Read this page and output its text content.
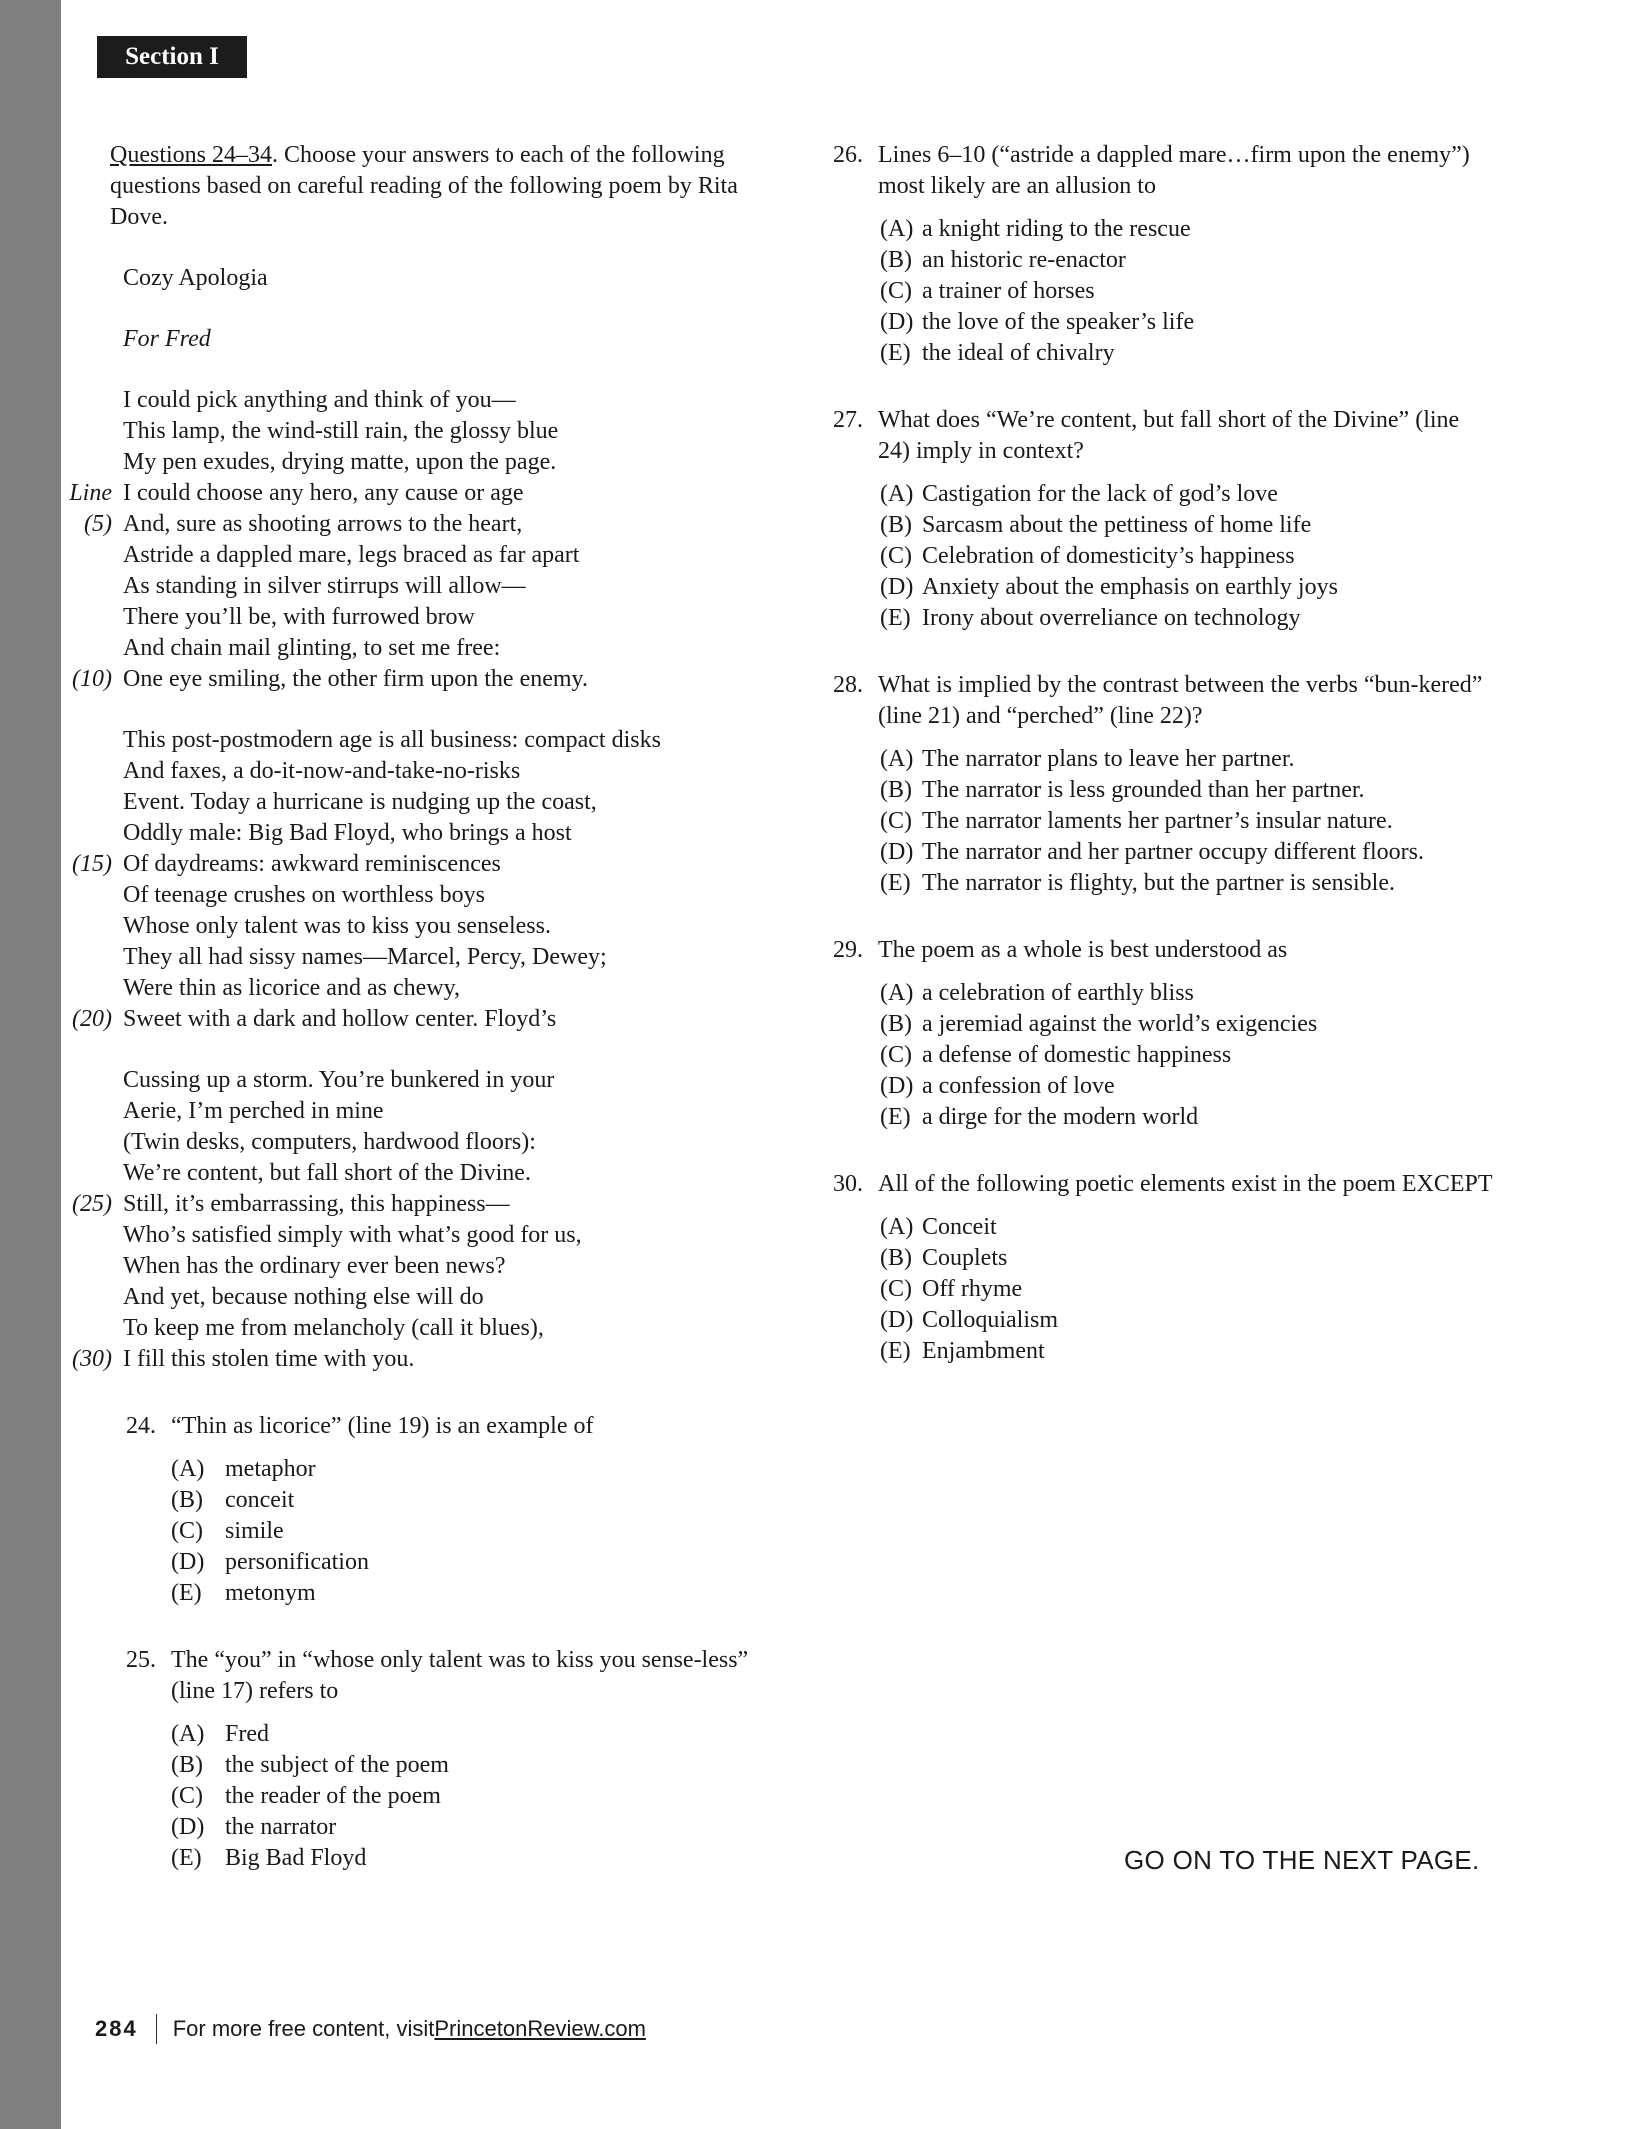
Section I
Questions 24–34. Choose your answers to each of the following questions based on careful reading of the following poem by Rita Dove.
Cozy Apologia
For Fred
I could pick anything and think of you—
This lamp, the wind-still rain, the glossy blue
My pen exudes, drying matte, upon the page.
Line I could choose any hero, any cause or age
(5) And, sure as shooting arrows to the heart,
Astride a dappled mare, legs braced as far apart
As standing in silver stirrups will allow—
There you’ll be, with furrowed brow
And chain mail glinting, to set me free:
(10) One eye smiling, the other firm upon the enemy.
This post-postmodern age is all business: compact disks
And faxes, a do-it-now-and-take-no-risks
Event. Today a hurricane is nudging up the coast,
Oddly male: Big Bad Floyd, who brings a host
(15) Of daydreams: awkward reminiscences
Of teenage crushes on worthless boys
Whose only talent was to kiss you senseless.
They all had sissy names—Marcel, Percy, Dewey;
Were thin as licorice and as chewy,
(20) Sweet with a dark and hollow center. Floyd’s
Cussing up a storm. You’re bunkered in your
Aerie, I’m perched in mine
(Twin desks, computers, hardwood floors):
We’re content, but fall short of the Divine.
(25) Still, it’s embarrassing, this happiness—
Who’s satisfied simply with what’s good for us,
When has the ordinary ever been news?
And yet, because nothing else will do
To keep me from melancholy (call it blues),
(30) I fill this stolen time with you.
24. “Thin as licorice” (line 19) is an example of
(A) metaphor
(B) conceit
(C) simile
(D) personification
(E) metonym
25. The “you” in “whose only talent was to kiss you sense-less” (line 17) refers to
(A) Fred
(B) the subject of the poem
(C) the reader of the poem
(D) the narrator
(E) Big Bad Floyd
26. Lines 6–10 (“astride a dappled mare…firm upon the enemy”) most likely are an allusion to
(A) a knight riding to the rescue
(B) an historic re-enactor
(C) a trainer of horses
(D) the love of the speaker’s life
(E) the ideal of chivalry
27. What does “We’re content, but fall short of the Divine” (line 24) imply in context?
(A) Castigation for the lack of god’s love
(B) Sarcasm about the pettiness of home life
(C) Celebration of domesticity’s happiness
(D) Anxiety about the emphasis on earthly joys
(E) Irony about overreliance on technology
28. What is implied by the contrast between the verbs “bun-kered” (line 21) and “perched” (line 22)?
(A) The narrator plans to leave her partner.
(B) The narrator is less grounded than her partner.
(C) The narrator laments her partner’s insular nature.
(D) The narrator and her partner occupy different floors.
(E) The narrator is flighty, but the partner is sensible.
29. The poem as a whole is best understood as
(A) a celebration of earthly bliss
(B) a jeremiad against the world’s exigencies
(C) a defense of domestic happiness
(D) a confession of love
(E) a dirge for the modern world
30. All of the following poetic elements exist in the poem EXCEPT
(A) Conceit
(B) Couplets
(C) Off rhyme
(D) Colloquialism
(E) Enjambment
GO ON TO THE NEXT PAGE.
284 For more free content, visit PrincetonReview.com
